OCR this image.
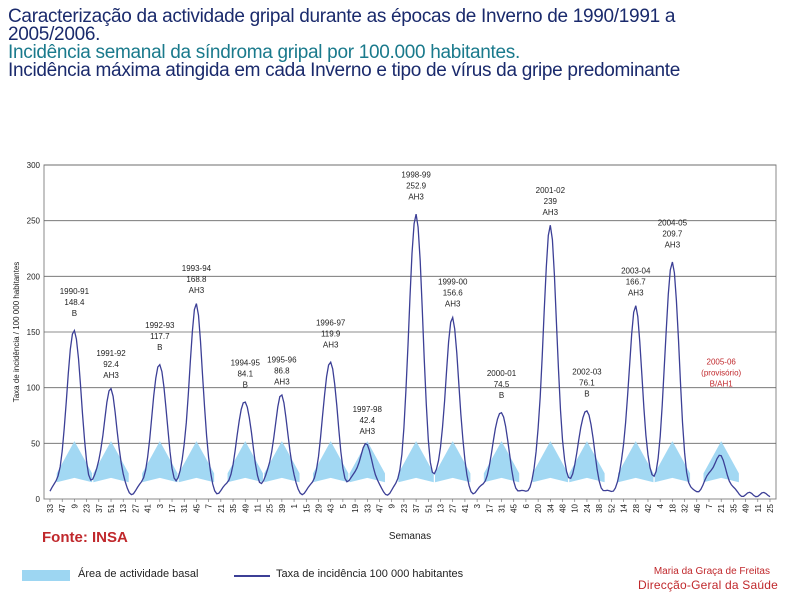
Caracterização da actividade gripal durante as épocas de Inverno de 1990/1991 a
2005/2006.
Incidência semanal da síndroma gripal por 100.000 habitantes.
Incidência máxima atingida em cada Inverno e tipo de vírus da gripe predominante
0
50
100
150
200
250
300
Taxa de incidência / 100 000 habitantes
33 47 9 23 37 51 13 27 41 3 17 31 45 7 21 35 49 11 25 39 1 15 29 43 5 19 33 47 9 23 37 51 13 27 41 3 17 31 45 6 20 34 48 10 24 38 52 14 28 42 4 18 32 46 7 21 35 49 11 25
Semanas
1990-91
148.4
B
1991-92
92.4
AH3
1992-93
117.7
B
1993-94
168.8
AH3
1994-95
84.1
B
1995-96
86.8
AH3
1996-97
119.9
AH3
1997-98
42.4
AH3
1998-99
252.9
AH3
1999-00
156.6
AH3
2000-01
74.5
B
2001-02
239
AH3
2002-03
76.1
B
2003-04
166.7
AH3
2004-05
209.7
AH3
2005-06
(provisório)
B/AH1
Fonte: INSA
Área de actividade basal	Taxa de incidência 100 000 habitantes	Maria da Graça de Freitas
Direcção-Geral da Saúde
